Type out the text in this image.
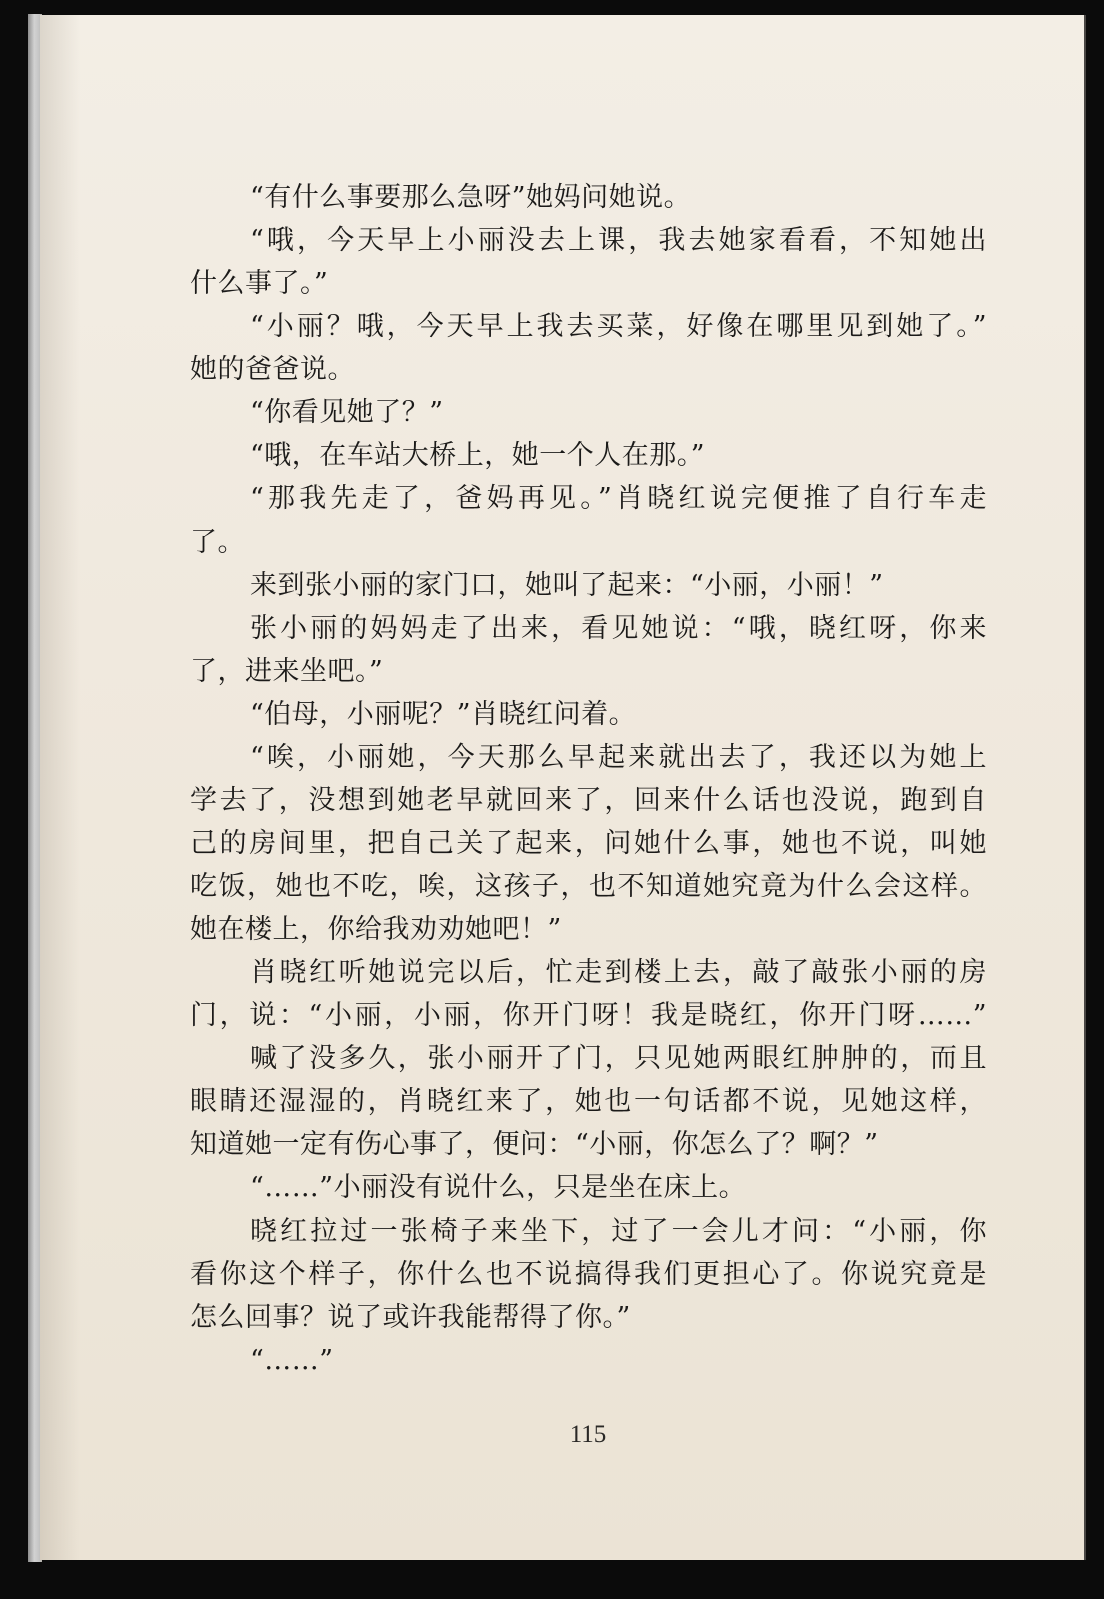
“有什么事要那么急呀”她妈问她说。

“哦，今天早上小丽没去上课，我去她家看看，不知她出
什么事了。”

“小丽？哦，今天早上我去买菜，好像在哪里见到她了。”
她的爸爸说。

“你看见她了？”

“哦，在车站大桥上，她一个人在那。”

“那我先走了，爸妈再见。”肖晓红说完便推了自行车走
了。

来到张小丽的家门口，她叫了起来：“小丽，小丽！”

张小丽的妈妈走了出来，看见她说：“哦，晓红呀，你来
了，进来坐吧。”

“伯母，小丽呢？”肖晓红问着。

“唉，小丽她，今天那么早起来就出去了，我还以为她上
学去了，没想到她老早就回来了，回来什么话也没说，跑到自
己的房间里，把自己关了起来，问她什么事，她也不说，叫她
吃饭，她也不吃，唉，这孩子，也不知道她究竟为什么会这样。
她在楼上，你给我劝劝她吧！”

肖晓红听她说完以后，忙走到楼上去，敲了敲张小丽的房
门，说：“小丽，小丽，你开门呀！我是晓红，你开门呀……”

喊了没多久，张小丽开了门，只见她两眼红肿肿的，而且
眼睛还湿湿的，肖晓红来了，她也一句话都不说，见她这样，
知道她一定有伤心事了，便问：“小丽，你怎么了？啊？”

“……”小丽没有说什么，只是坐在床上。

晓红拉过一张椅子来坐下，过了一会儿才问：“小丽，你
看你这个样子，你什么也不说搞得我们更担心了。你说究竟是
怎么回事？说了或许我能帮得了你。”

“……”

115
